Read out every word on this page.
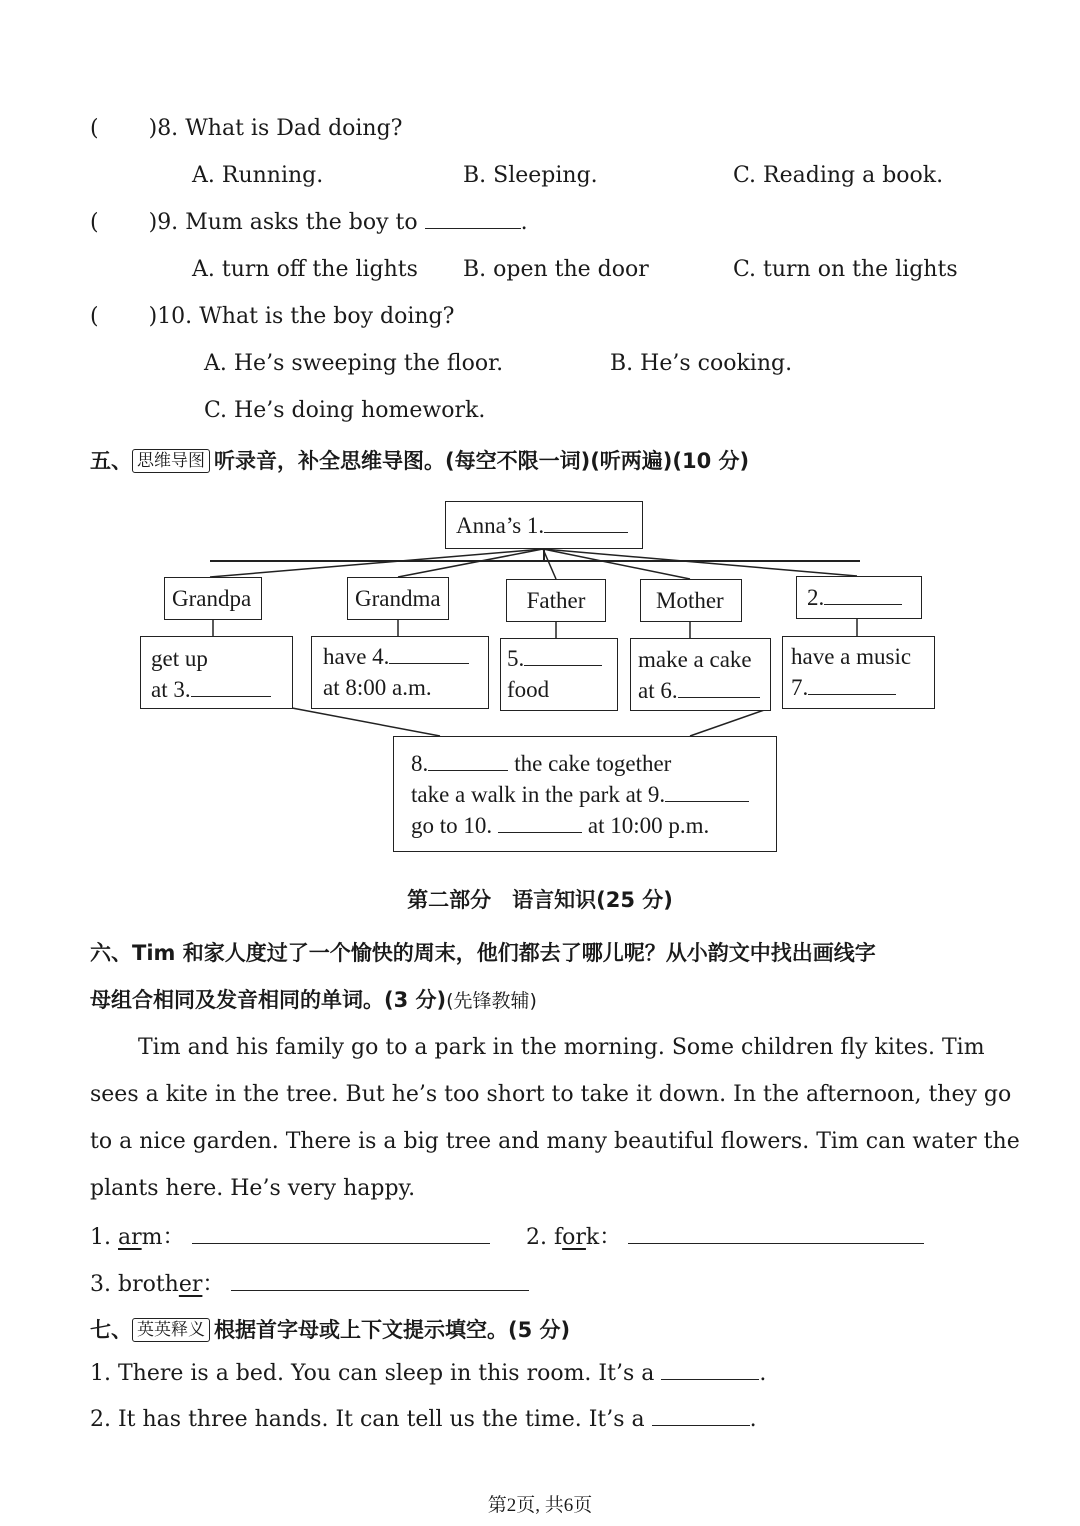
( )8. What is Dad doing?
A. Running.	B. Sleeping.	C. Reading a book.
( )9. Mum asks the boy to	.
A. turn off the lights B. open the door	C. turn on the lights
( )10. What is the boy doing?
A. He’s sweeping the floor.	B. He’s cooking.
C. He’s doing homework.
五、 思维导图 听录音，补全思维导图。(每空不限一词)(听两遍)(10 分)
Anna’s 1.
Grandpa	Grandma	Father	Mother	2.
get up
at 3.
have 4.
at 8:00 a.m.
5.
food
make a cake
at 6.
have a music
7.
8.	the cake together
take a walk in the park at 9.
go to 10.	at 10:00 p.m.
第二部分　语言知识(25 分)
六、Tim 和家人度过了一个愉快的周末，他们都去了哪儿呢？从小韵文中找出画线字
母组合相同及发音相同的单词。(3 分)(先锋教辅)
Tim and his family go to a park in the morning. Some children fly kites. Tim
sees a kite in the tree. But he’s too short to take it down. In the afternoon, they go
to a nice garden. There is a big tree and many beautiful flowers. Tim can water the
plants here. He’s very happy.
1. arm：	2. fork：
3. brother：
七、 英英释义 根据首字母或上下文提示填空。(5 分)
1. There is a bed. You can sleep in this room. It’s a	.
2. It has three hands. It can tell us the time. It’s a	.
第2页, 共6页
